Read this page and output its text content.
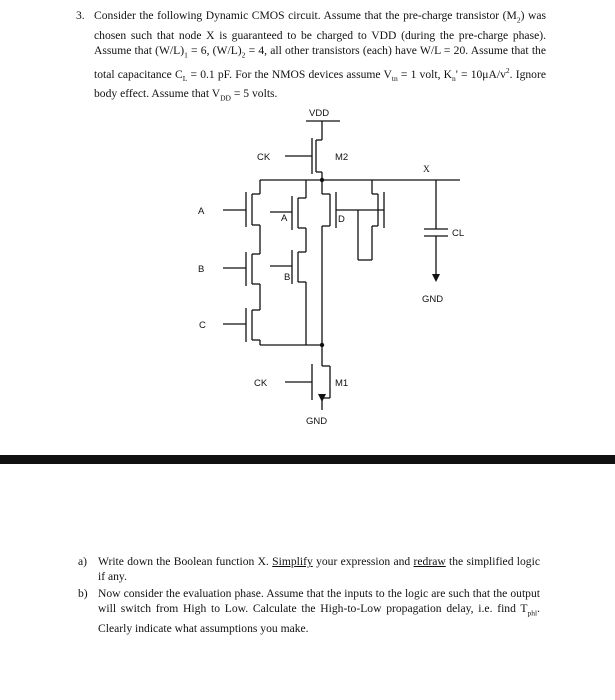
3. Consider the following Dynamic CMOS circuit. Assume that the pre-charge transistor $(M_2)$ was chosen such that node X is guaranteed to be charged to VDD (during the pre-charge phase). Assume that $(W/L)_1 = 6$, $(W/L)_2 = 4$, all other transistors (each) have W/L = 20. Assume that the total capacitance $C_L = 0.1$ pF. For the NMOS devices assume $V_{tn} = 1$ volt, $K_n' = 10\mu A/v^2$. Ignore body effect. Assume that $V_{DD} = 5$ volts.
VDD
CK	M2
X
CL
GND
A
A	D
B
B
C
CK	M1
GND
a) Write down the Boolean function X. Simplify your expression and redraw the simplified logic if any.
b) Now consider the evaluation phase. Assume that the inputs to the logic are such that the output will switch from High to Low. Calculate the High-to-Low propagation delay, i.e. find $T_{phl}$. Clearly indicate what assumptions you make.
